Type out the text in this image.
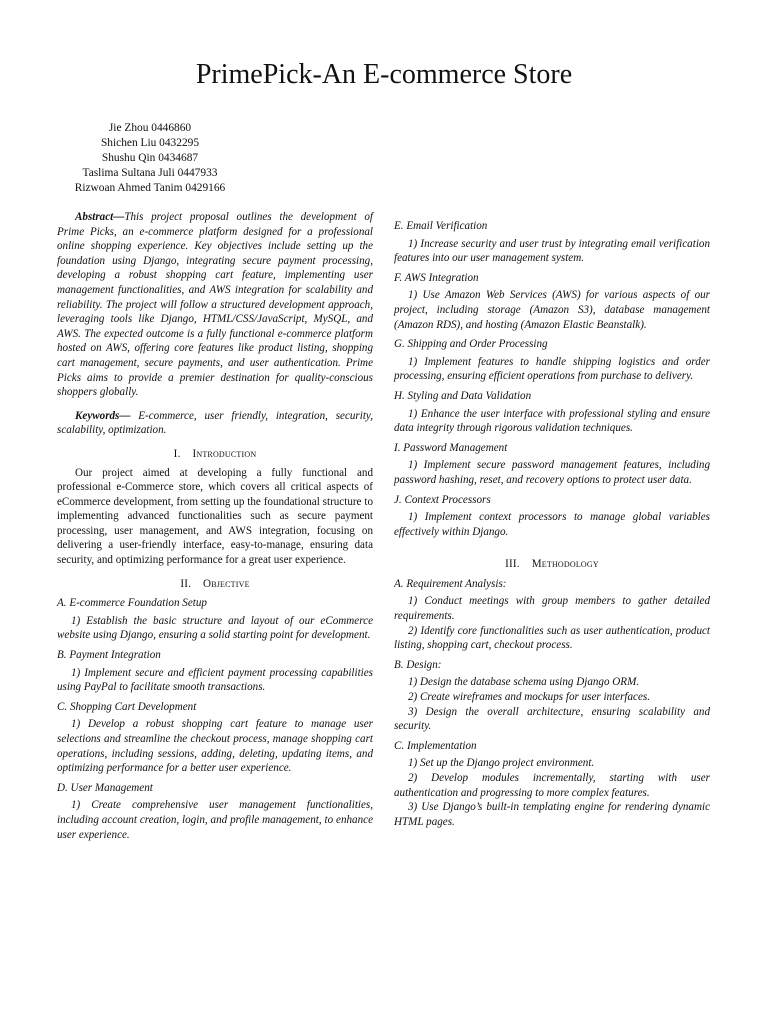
PrimePick-An E-commerce Store
Jie Zhou 0446860
Shichen Liu 0432295
Shushu Qin 0434687
Taslima Sultana Juli 0447933
Rizwoan Ahmed Tanim 0429166

Abstract—This project proposal outlines the development of Prime Picks, an e-commerce platform designed for a professional online shopping experience. Key objectives include setting up the foundation using Django, integrating secure payment processing, developing a robust shopping cart feature, implementing user management functionalities, and AWS integration for scalability and reliability. The project will follow a structured development approach, leveraging tools like Django, HTML/CSS/JavaScript, MySQL, and AWS. The expected outcome is a fully functional e-commerce platform hosted on AWS, offering core features like product listing, shopping cart management, secure payments, and user authentication. Prime Picks aims to provide a premier destination for quality-conscious shoppers globally.

Keywords— E-commerce, user friendly, integration, security, scalability, optimization.

I. Introduction

Our project aimed at developing a fully functional and professional e-Commerce store, which covers all critical aspects of eCommerce development, from setting up the foundational structure to implementing advanced functionalities such as secure payment processing, user management, and AWS integration, focusing on delivering a user-friendly interface, easy-to-manage, ensuring data security, and optimizing performance for a great user experience.

II. Objective
A. E-commerce Foundation Setup

1) Establish the basic structure and layout of our eCommerce website using Django, ensuring a solid starting point for development.

B. Payment Integration

1) Implement secure and efficient payment processing capabilities using PayPal to facilitate smooth transactions.

C. Shopping Cart Development

1) Develop a robust shopping cart feature to manage user selections and streamline the checkout process, manage shopping cart operations, including sessions, adding, deleting, updating items, and optimizing performance for a better user experience.

D. User Management

1) Create comprehensive user management functionalities, including account creation, login, and profile management, to enhance user experience.

E. Email Verification

1) Increase security and user trust by integrating email verification features into our user management system.

F. AWS Integration

1) Use Amazon Web Services (AWS) for various aspects of our project, including storage (Amazon S3), database management (Amazon RDS), and hosting (Amazon Elastic Beanstalk).

G. Shipping and Order Processing

1) Implement features to handle shipping logistics and order processing, ensuring efficient operations from purchase to delivery.

H. Styling and Data Validation

1) Enhance the user interface with professional styling and ensure data integrity through rigorous validation techniques.

I. Password Management

1) Implement secure password management features, including password hashing, reset, and recovery options to protect user data.

J. Context Processors

1) Implement context processors to manage global variables effectively within Django.

III. Methodology
A. Requirement Analysis:

1) Conduct meetings with group members to gather detailed requirements.

2) Identify core functionalities such as user authentication, product listing, shopping cart, checkout process.

B. Design:

1) Design the database schema using Django ORM.

2) Create wireframes and mockups for user interfaces.

3) Design the overall architecture, ensuring scalability and security.

C. Implementation

1) Set up the Django project environment.

2) Develop modules incrementally, starting with user authentication and progressing to more complex features.

3) Use Django’s built-in templating engine for rendering dynamic HTML pages.
